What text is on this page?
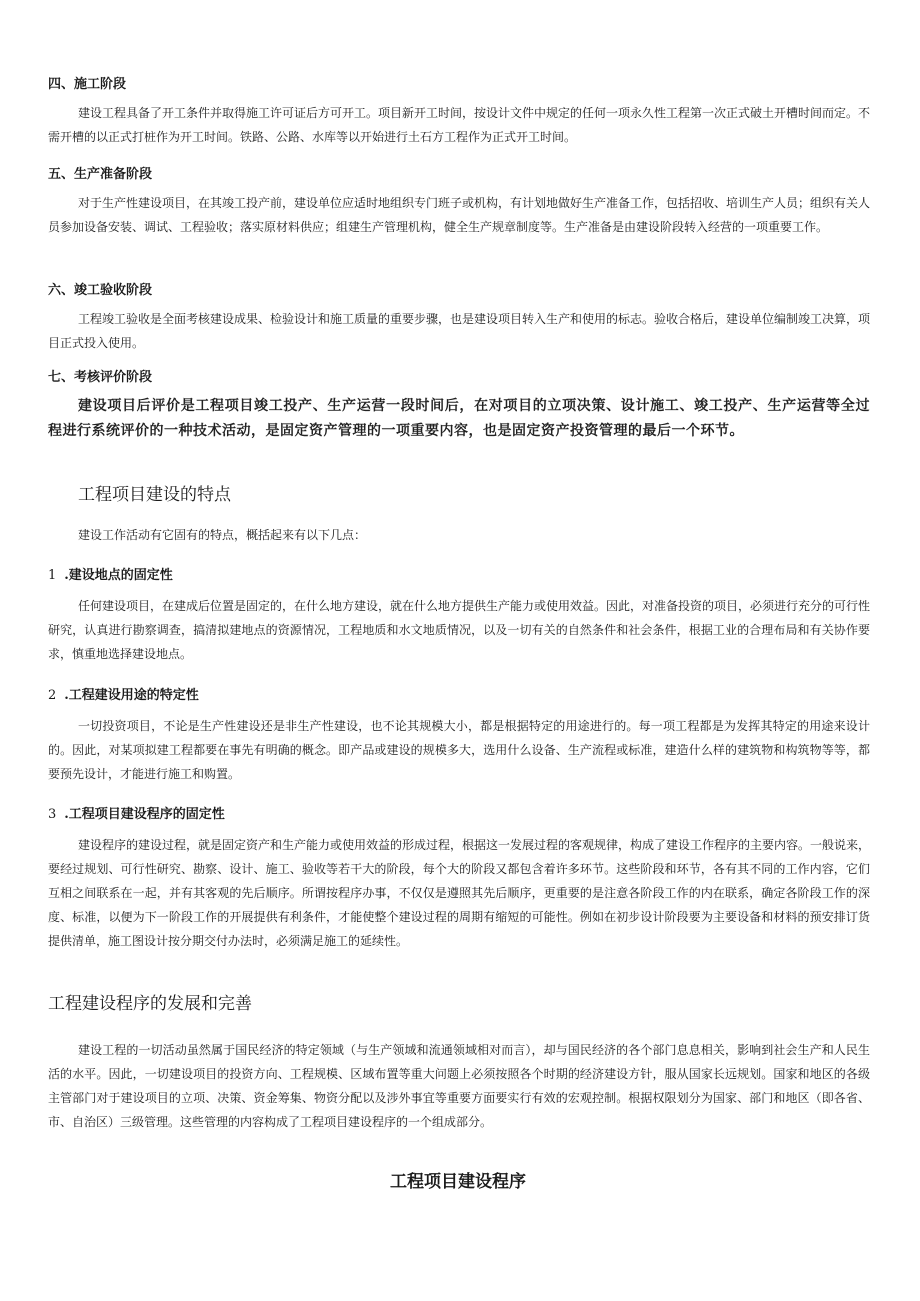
四、施工阶段

建设工程具备了开工条件并取得施工许可证后方可开工。项目新开工时间，按设计文件中规定的任何一项永久性工程第一次正式破土开槽时间而定。不需开槽的以正式打桩作为开工时间。铁路、公路、水库等以开始进行土石方工程作为正式开工时间。

五、生产准备阶段

对于生产性建设项目，在其竣工投产前，建设单位应适时地组织专门班子或机构，有计划地做好生产准备工作，包括招收、培训生产人员；组织有关人员参加设备安装、调试、工程验收；落实原材料供应；组建生产管理机构，健全生产规章制度等。生产准备是由建设阶段转入经营的一项重要工作。

六、竣工验收阶段

工程竣工验收是全面考核建设成果、检验设计和施工质量的重要步骤，也是建设项目转入生产和使用的标志。验收合格后，建设单位编制竣工决算，项目正式投入使用。

七、考核评价阶段

建设项目后评价是工程项目竣工投产、生产运营一段时间后，在对项目的立项决策、设计施工、竣工投产、生产运营等全过程进行系统评价的一种技术活动，是固定资产管理的一项重要内容，也是固定资产投资管理的最后一个环节。

工程项目建设的特点

建设工作活动有它固有的特点，概括起来有以下几点：

1 .建设地点的固定性

任何建设项目，在建成后位置是固定的，在什么地方建设，就在什么地方提供生产能力或使用效益。因此，对准备投资的项目，必须进行充分的可行性研究，认真进行勘察调查，搞清拟建地点的资源情况，工程地质和水文地质情况，以及一切有关的自然条件和社会条件，根据工业的合理布局和有关协作要求，慎重地选择建设地点。

2 .工程建设用途的特定性

一切投资项目，不论是生产性建设还是非生产性建设，也不论其规模大小，都是根据特定的用途进行的。每一项工程都是为发挥其特定的用途来设计的。因此，对某项拟建工程都要在事先有明确的概念。即产品或建设的规模多大，选用什么设备、生产流程或标准，建造什么样的建筑物和构筑物等等，都要预先设计，才能进行施工和购置。

3 .工程项目建设程序的固定性

建设程序的建设过程，就是固定资产和生产能力或使用效益的形成过程，根据这一发展过程的客观规律，构成了建设工作程序的主要内容。一般说来，要经过规划、可行性研究、勘察、设计、施工、验收等若干大的阶段，每个大的阶段又都包含着许多环节。这些阶段和环节，各有其不同的工作内容，它们互相之间联系在一起，并有其客观的先后顺序。所谓按程序办事，不仅仅是遵照其先后顺序，更重要的是注意各阶段工作的内在联系，确定各阶段工作的深度、标准，以便为下一阶段工作的开展提供有利条件，才能使整个建设过程的周期有缩短的可能性。例如在初步设计阶段要为主要设备和材料的预安排订货提供清单，施工图设计按分期交付办法时，必须满足施工的延续性。

工程建设程序的发展和完善

建设工程的一切活动虽然属于国民经济的特定领域（与生产领域和流通领域相对而言），却与国民经济的各个部门息息相关，影响到社会生产和人民生活的水平。因此，一切建设项目的投资方向、工程规模、区域布置等重大问题上必须按照各个时期的经济建设方针，服从国家长远规划。国家和地区的各级主管部门对于建设项目的立项、决策、资金筹集、物资分配以及涉外事宜等重要方面要实行有效的宏观控制。根据权限划分为国家、部门和地区（即各省、市、自治区）三级管理。这些管理的内容构成了工程项目建设程序的一个组成部分。

工程项目建设程序
